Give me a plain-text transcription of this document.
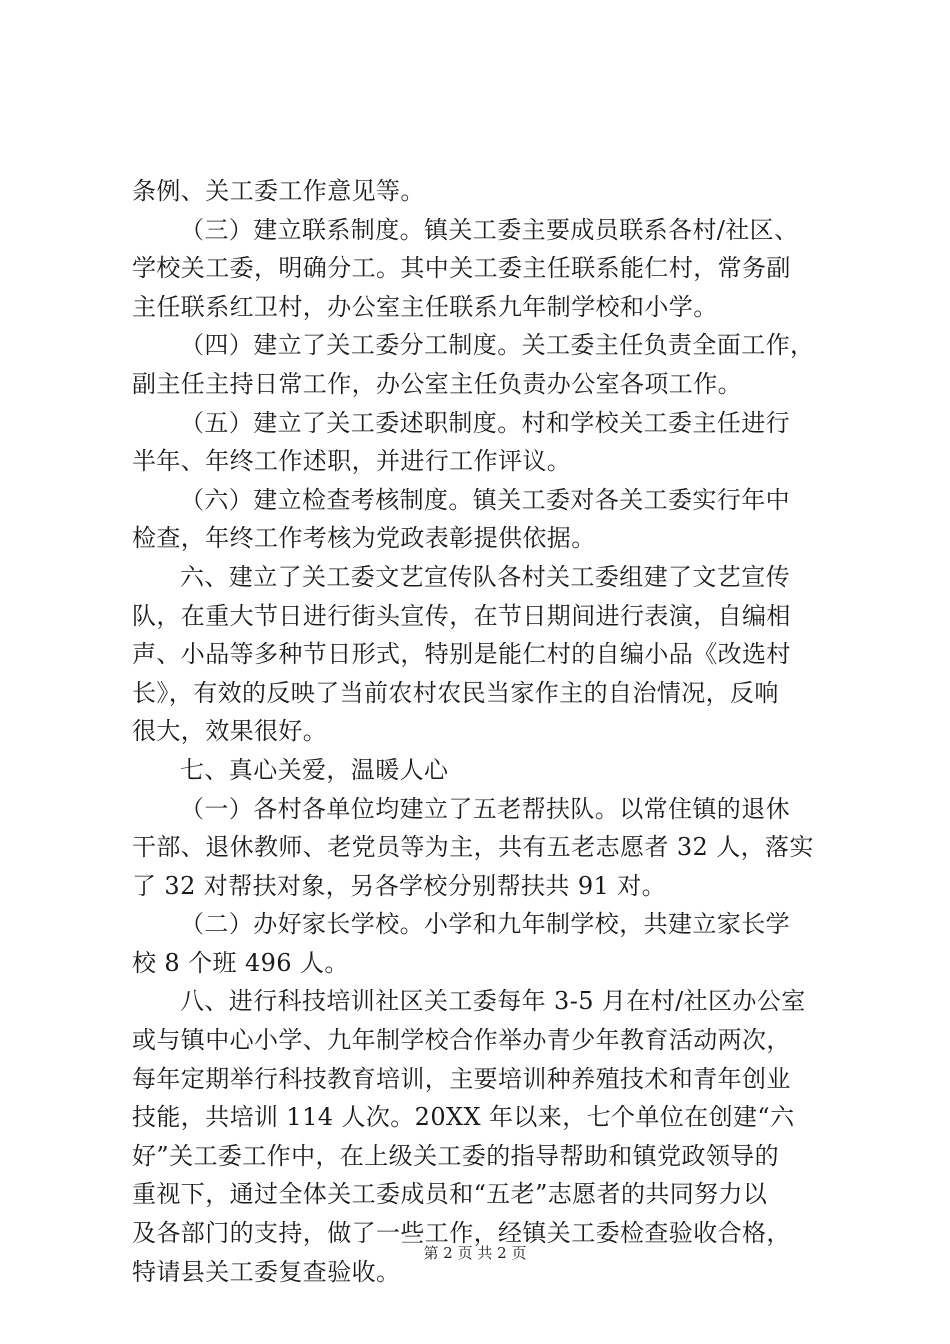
条例、关工委工作意见等。
（三）建立联系制度。镇关工委主要成员联系各村/社区、
学校关工委，明确分工。其中关工委主任联系能仁村，常务副
主任联系红卫村，办公室主任联系九年制学校和小学。
（四）建立了关工委分工制度。关工委主任负责全面工作，
副主任主持日常工作，办公室主任负责办公室各项工作。
（五）建立了关工委述职制度。村和学校关工委主任进行
半年、年终工作述职，并进行工作评议。
（六）建立检查考核制度。镇关工委对各关工委实行年中
检查，年终工作考核为党政表彰提供依据。
六、建立了关工委文艺宣传队各村关工委组建了文艺宣传
队，在重大节日进行街头宣传，在节日期间进行表演，自编相
声、小品等多种节日形式，特别是能仁村的自编小品《改选村
长》，有效的反映了当前农村农民当家作主的自治情况，反响
很大，效果很好。
七、真心关爱，温暖人心
（一）各村各单位均建立了五老帮扶队。以常住镇的退休
干部、退休教师、老党员等为主，共有五老志愿者 32 人，落实
了 32 对帮扶对象，另各学校分别帮扶共 91 对。
（二）办好家长学校。小学和九年制学校，共建立家长学
校 8 个班 496 人。
八、进行科技培训社区关工委每年 3-5 月在村/社区办公室
或与镇中心小学、九年制学校合作举办青少年教育活动两次，
每年定期举行科技教育培训，主要培训种养殖技术和青年创业
技能，共培训 114 人次。20XX 年以来，七个单位在创建“六
好”关工委工作中，在上级关工委的指导帮助和镇党政领导的
重视下，通过全体关工委成员和“五老”志愿者的共同努力以
及各部门的支持，做了一些工作，经镇关工委检查验收合格，
特请县关工委复查验收。
第 2 页 共 2 页
